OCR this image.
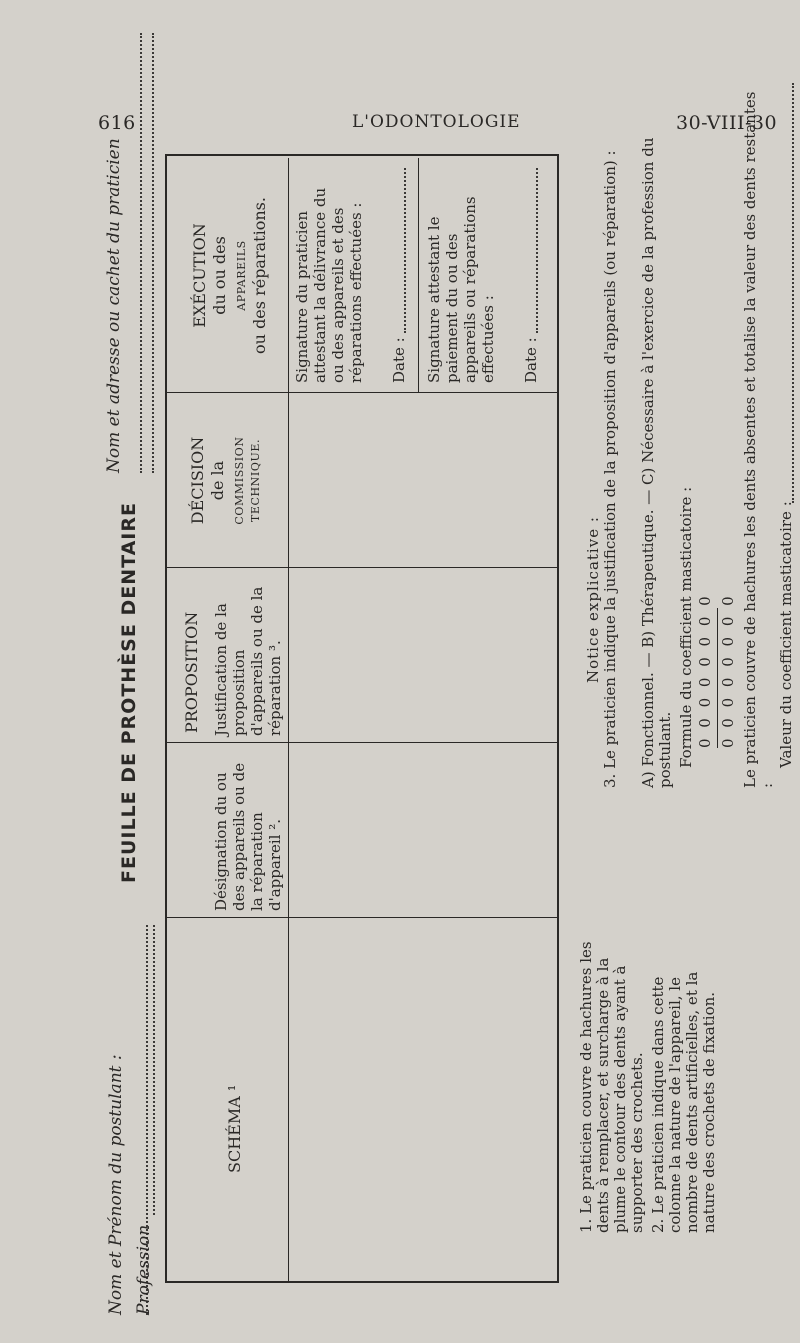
616	L'ODONTOLOGIE	30-VIII-30
Nom et Prénom du postulant : Profession
FEUILLE DE PROTHÈSE DENTAIRE
Nom et adresse ou cachet du praticien
SCHÉMA ¹
PROPOSITION
Désignation du ou des appareils ou de la réparation d'appareil ².
Justification de la proposition d'appareils ou de la réparation ³.
DÉCISION de la COMMISSION TECHNIQUE.
EXÉCUTION du ou des APPAREILS ou des réparations. Signature du praticien attestant la délivrance du ou des appareils et des réparations effectuées : Date : Signature attestant le paiement du ou des appareils ou réparations effectuées : Date :
1. Le praticien couvre de hachures les dents à remplacer, et surcharge à la plume le contour des dents ayant à supporter des crochets. 2. Le praticien indique dans cette colonne la nature de l'appareil, le nombre de dents artificielles, et la nature des crochets de fixation.
Notice explicative : 3. Le praticien indique la justification de la proposition d'appareils (ou réparation) : A) Fonctionnel. — B) Thérapeutique. — C) Nécessaire à l'exercice de la profession du postulant. Formule du coefficient masticatoire : 0 0 0 0 0 0 0 0 0 0 0 0 0 0 0 0 Le praticien couvre de hachures les dents absentes et totalise la valeur des dents restantes :
Valeur du coefficient masticatoire :
